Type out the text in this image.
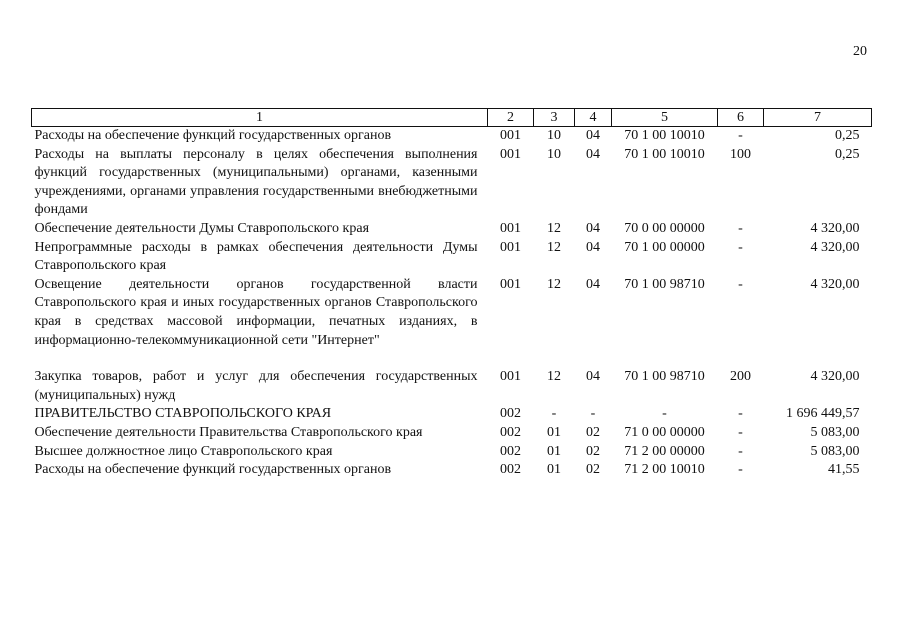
20
1	2	3	4	5	6	7
Расходы на обеспечение функций государственных органов	001	10	04	70 1 00 10010	-	0,25
Расходы на выплаты персоналу в целях обеспечения выполнения функций государственных (муниципальными) органами, казенными учреждениями, органами управления государственными внебюджетными фондами	001	10	04	70 1 00 10010	100	0,25
Обеспечение деятельности Думы Ставропольского края	001	12	04	70 0 00 00000	-	4 320,00
Непрограммные расходы в рамках обеспечения деятельности Думы Ставропольского края	001	12	04	70 1 00 00000	-	4 320,00
Освещение деятельности органов государственной власти Ставропольского края и иных государственных органов Ставропольского края в средствах массовой информации, печатных изданиях, в информационно-телекоммуникационной сети "Интернет"	001	12	04	70 1 00 98710	-	4 320,00
Закупка товаров, работ и услуг для обеспечения государственных (муниципальных) нужд	001	12	04	70 1 00 98710	200	4 320,00
ПРАВИТЕЛЬСТВО СТАВРОПОЛЬСКОГО КРАЯ	002	-	-	-	-	1 696 449,57
Обеспечение деятельности Правительства Ставропольского края	002	01	02	71 0 00 00000	-	5 083,00
Высшее должностное лицо Ставропольского края	002	01	02	71 2 00 00000	-	5 083,00
Расходы на обеспечение функций государственных органов	002	01	02	71 2 00 10010	-	41,55
